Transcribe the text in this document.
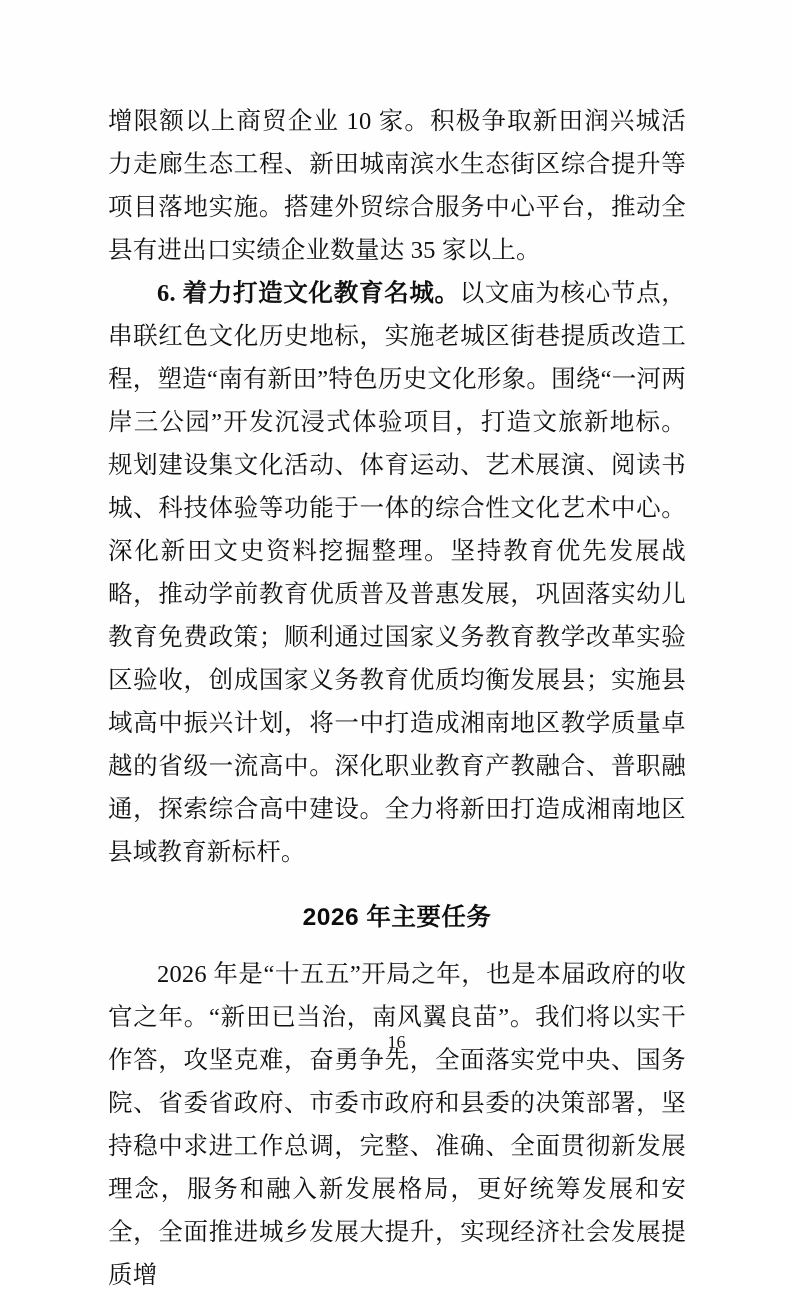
增限额以上商贸企业 10 家。积极争取新田润兴城活力走廊生态工程、新田城南滨水生态街区综合提升等项目落地实施。搭建外贸综合服务中心平台，推动全县有进出口实绩企业数量达 35 家以上。

6. 着力打造文化教育名城。以文庙为核心节点，串联红色文化历史地标，实施老城区街巷提质改造工程，塑造“南有新田”特色历史文化形象。围绕“一河两岸三公园”开发沉浸式体验项目，打造文旅新地标。规划建设集文化活动、体育运动、艺术展演、阅读书城、科技体验等功能于一体的综合性文化艺术中心。深化新田文史资料挖掘整理。坚持教育优先发展战略，推动学前教育优质普及普惠发展，巩固落实幼儿教育免费政策；顺利通过国家义务教育教学改革实验区验收，创成国家义务教育优质均衡发展县；实施县域高中振兴计划，将一中打造成湘南地区教学质量卓越的省级一流高中。深化职业教育产教融合、普职融通，探索综合高中建设。全力将新田打造成湘南地区县域教育新标杆。

2026 年主要任务

2026 年是“十五五”开局之年，也是本届政府的收官之年。“新田已当治，南风翼良苗”。我们将以实干作答，攻坚克难，奋勇争先，全面落实党中央、国务院、省委省政府、市委市政府和县委的决策部署，坚持稳中求进工作总调，完整、准确、全面贯彻新发展理念，服务和融入新发展格局，更好统筹发展和安全，全面推进城乡发展大提升，实现经济社会发展提质增

16
